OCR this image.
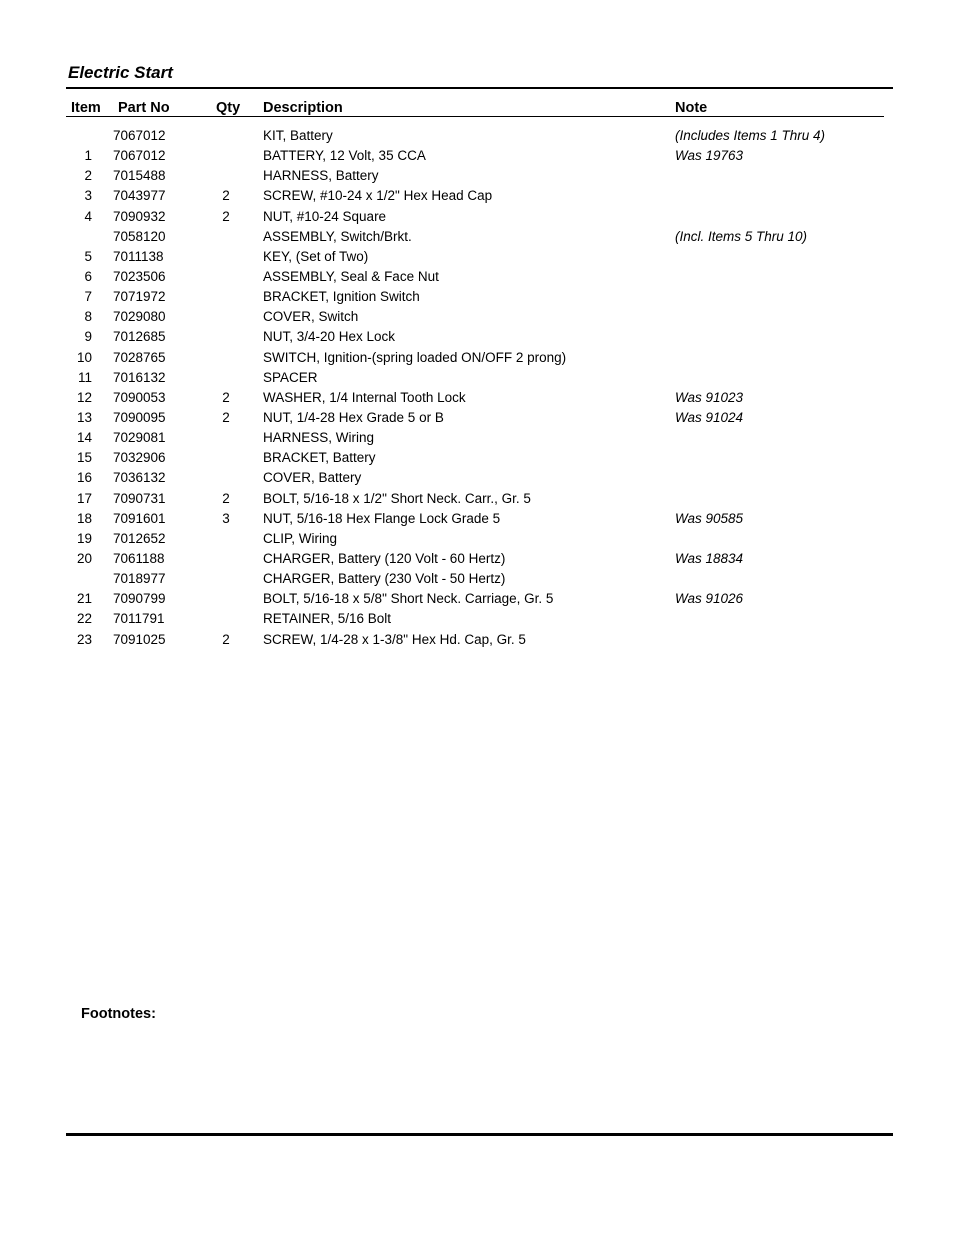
Electric Start
Item Part No	Qty Description	Note
7067012	KIT, Battery	(Includes Items 1 Thru 4)
1 7067012	BATTERY, 12 Volt, 35 CCA	Was 19763
2 7015488	HARNESS, Battery
3 7043977	2	SCREW, #10-24 x 1/2" Hex Head Cap
4 7090932	2	NUT, #10-24 Square
7058120	ASSEMBLY, Switch/Brkt.	(Incl. Items 5 Thru 10)
5 7011138	KEY, (Set of Two)
6 7023506	ASSEMBLY, Seal & Face Nut
7 7071972	BRACKET, Ignition Switch
8 7029080	COVER, Switch
9 7012685	NUT, 3/4-20 Hex Lock
10 7028765	SWITCH, Ignition-(spring loaded ON/OFF 2 prong)
11 7016132	SPACER
12 7090053	2	WASHER, 1/4 Internal Tooth Lock	Was 91023
13 7090095	2	NUT, 1/4-28 Hex Grade 5 or B	Was 91024
14 7029081	HARNESS, Wiring
15 7032906	BRACKET, Battery
16 7036132	COVER, Battery
17 7090731	2	BOLT, 5/16-18 x 1/2" Short Neck. Carr., Gr. 5
18 7091601	3	NUT, 5/16-18 Hex Flange Lock Grade 5	Was 90585
19 7012652	CLIP, Wiring
20 7061188	CHARGER, Battery (120 Volt - 60 Hertz)	Was 18834
7018977	CHARGER, Battery (230 Volt - 50 Hertz)
21 7090799	BOLT, 5/16-18 x 5/8" Short Neck. Carriage, Gr. 5	Was 91026
22 7011791	RETAINER, 5/16 Bolt
23 7091025	2	SCREW, 1/4-28 x 1-3/8" Hex Hd. Cap, Gr. 5
Footnotes:
